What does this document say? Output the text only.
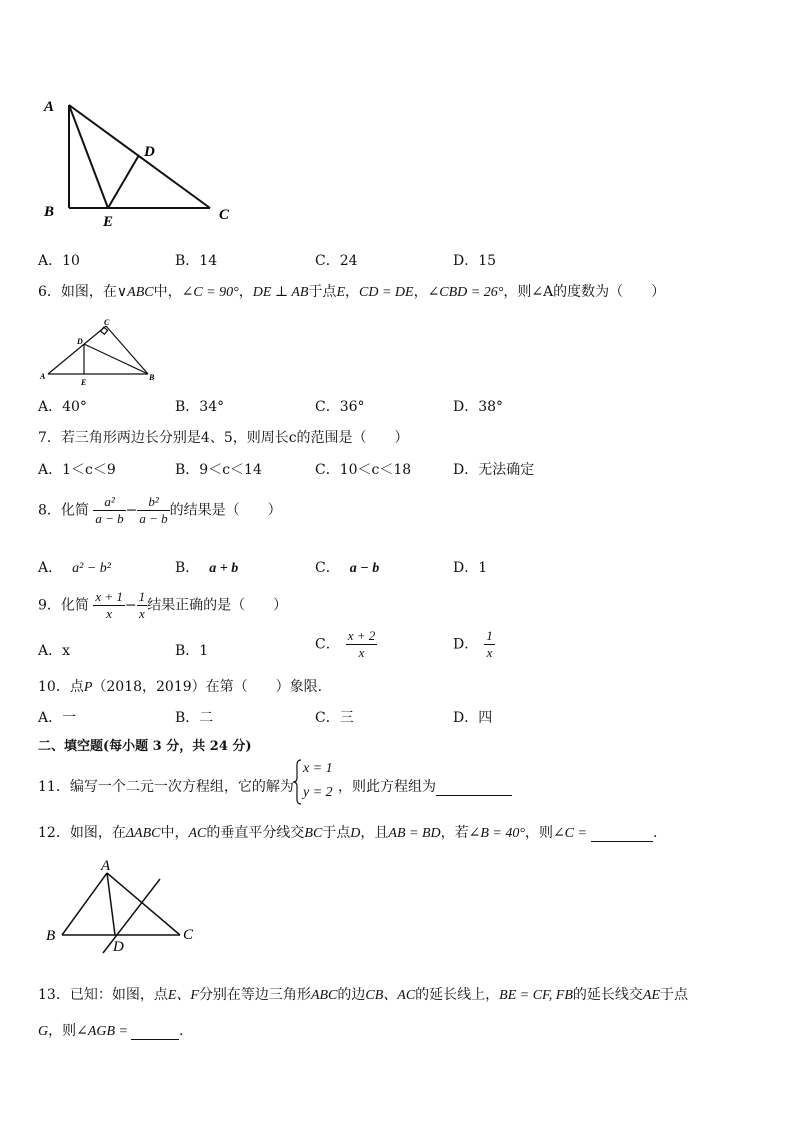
A
B	C
D
E
A．10	B．14	C．24	D．15
6．如图，在∨ABC中，∠C = 90°，DE ⊥ AB于点E，CD = DE，∠CBD = 26°，则∠A的度数为（　　）
A	B
C
D
E
A．40°	B．34°	C．36°	D．38°
7．若三角形两边长分别是4、5，则周长c的范围是（　　）
A．1＜c＜9	B．9＜c＜14	C．10＜c＜18	D．无法确定
8．化简 $\frac{\text{a²}}{a - b} - \frac{\text{b²}}{a - b}$ 的结果是（　　）
A． a² − b²	B． a + b	C． a − b	D．1
9．化简 $\frac{x + 1}{x} - \frac{1}{x}$ 结果正确的是（　　）
A．x	B．1	C． $\frac{x + 2}{x}$	D． $\frac{1}{x}$
10．点P（2018，2019）在第（　　）象限.
A．一	B．二	C．三	D．四
二、填空题(每小题 3 分，共 24 分)
11．编写一个二元一次方程组，它的解为
x = 1
y = 2 ，则此方程组为
12．如图，在ΔABC中，AC的垂直平分线交BC于点D，且AB = BD，若∠B = 40°，则∠C =	.
A
B	C
D
13．已知：如图，点E、F分别在等边三角形ABC的边CB、AC的延长线上，BE = CF, FB的延长线交AE于点
G，则∠AGB =	.
